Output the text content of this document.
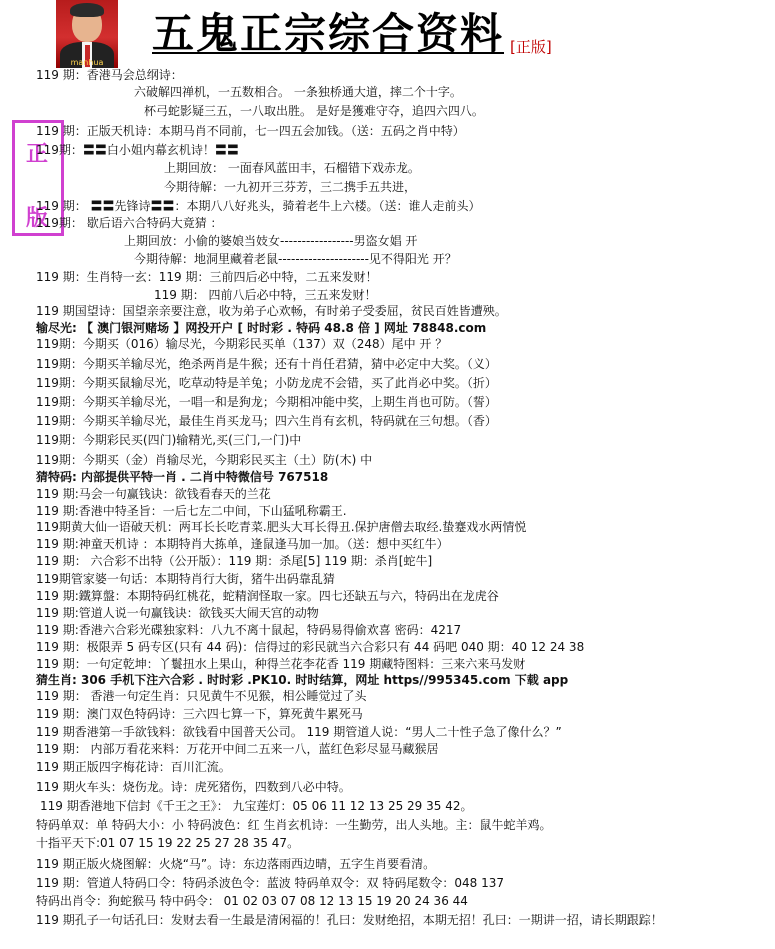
manhua
五鬼正宗综合资料 [正版]
正
版
119 期：香港马会总纲诗：
六破解四禅机，一五数相合。 一条独桥通大道，摔二个十字。
杯弓蛇影疑三五，一八取出胜。 是好是獲难守夺，追四六四八。
119 期：正版天机诗：本期马肖不同前，七一四五会加钱。（送：五码之肖中特）
119期：〓〓白小姐内幕玄机诗！〓〓
上期回放： 一面春风蓝田丰，石榴错下戏赤龙。
今期待解：一九初开三芬芳，三二携手五共进，
119 期： 〓〓先锋诗〓〓：本期八八好兆头，骑着老牛上六楼。（送：谁人走前头）
119期： 歇后语六合特码大竟猜 ：
上期回放：小偷的婆娘当妓女-----------------男盗女娼 开
今期待解：地洞里藏着老鼠---------------------见不得阳光 开？
119 期：生肖特一玄：119 期：三前四后必中特，二五来发财！
119 期： 四前八后必中特，三五来发财！
119 期国望诗：国望亲亲要注意，收为弟子心欢畅，有时弟子受委屈，贫民百姓皆遭殃。
输尽光: 【 澳门银河赌场 】网投开户 [ 时时彩 . 特码 48.8 倍 ] 网址 78848.com
119期：今期买（016）输尽光，今期彩民买单（137）双（248）尾中 开 ？
119期：今期买羊输尽光，绝杀两肖是牛猴；还有十肖任君猜，猜中必定中大奖。（义）
119期：今期买鼠输尽光，吃草动特是羊兔；小防龙虎不会错，买了此肖必中奖。（折）
119期：今期买羊输尽光，一唱一和是狗龙；今期相冲能中奖，上期生肖也可防。（誓）
119期：今期买羊输尽光，最佳生肖买龙马；四六生肖有玄机，特码就在三句想。（香）
119期：今期彩民买(四门)输精光,买(三门,一门)中
119期：今期买（金）肖输尽光，今期彩民买主（土）防(木) 中
猜特码: 内部提供平特一肖 . 二肖中特微信号 767518
119 期:马会一句赢钱诀：欲钱看春天的兰花
119 期:香港中特圣旨：一后七左二中间，下山猛吼称霸王.
119期黄大仙一语破天机：两耳长长吃青菜.肥头大耳长得丑.保护唐僧去取经.蛰蹇戏水两情悦
119 期:神童天机诗 ：本期特肖大拣单，逢鼠逢马加一加。（送：想中买红牛）
119 期： 六合彩不出特（公开版）：119 期：杀尾[5] 119 期：杀肖[蛇牛]
119期管家婆一句话：本期特肖行大街，猪牛出码靠乱猜
119 期:鐵算盤：本期特码红桃花，蛇精润怪取一家。四七还缺五与六，特码出在龙虎谷
119 期:管道人说一句赢钱诀：欲钱买大闹天宫的动物
119 期:香港六合彩光碟独家料：八九不离十鼠起，特码易得偷欢喜 密码：4217
119 期：极限弄 5 码专区(只有 44 码)：信得过的彩民就当六合彩只有 44 码吧 040 期：40 12 24 38
119 期：一句定乾坤：丫鬟扭水上果山，种得兰花李花香 119 期藏特图料：三来六来马发财
猜生肖: 306 手机下注六合彩 . 时时彩 .PK10. 时时结算，网址 https//995345.com 下载 app
119 期： 香港一句定生肖：只见黄牛不见猴，相公睡觉过了头
119 期：澳门双色特码诗：三六四七算一下，算死黄牛累死马
119 期香港第一手欲钱料：欲钱看中国普天公司。 119 期管道人说：“男人二十性子急了像什么？”
119 期： 内部万看花来料：万花开中间二五来一八，蓝红色彩尽显马藏猴居
119 期正版四字梅花诗：百川汇流。
119 期火车头：烧伤龙。诗：虎死猪伤，四数到八必中特。
119 期香港地下信封《千王之王》： 九宝莲灯：05 06 11 12 13 25 29 35 42。
特码单双：单 特码大小：小 特码波色：红 生肖玄机诗：一生勤劳，出人头地。主：鼠牛蛇羊鸡。
十指平天下:01 07 15 19 22 25 27 28 35 47。
119 期正版火烧图解：火烧“马”。诗：东边落雨西边晴，五字生肖要看清。
119 期：管道人特码口令：特码杀波色令：蓝波 特码单双令：双 特码尾数令：048 137
特码出肖令：狗蛇猴马 特中码令： 01 02 03 07 08 12 13 15 19 20 24 36 44
119 期孔子一句话孔曰：发财去看一生最是清闲福的！孔曰：发财绝招，本期无招！孔曰：一期讲一招，请长期跟踪！
